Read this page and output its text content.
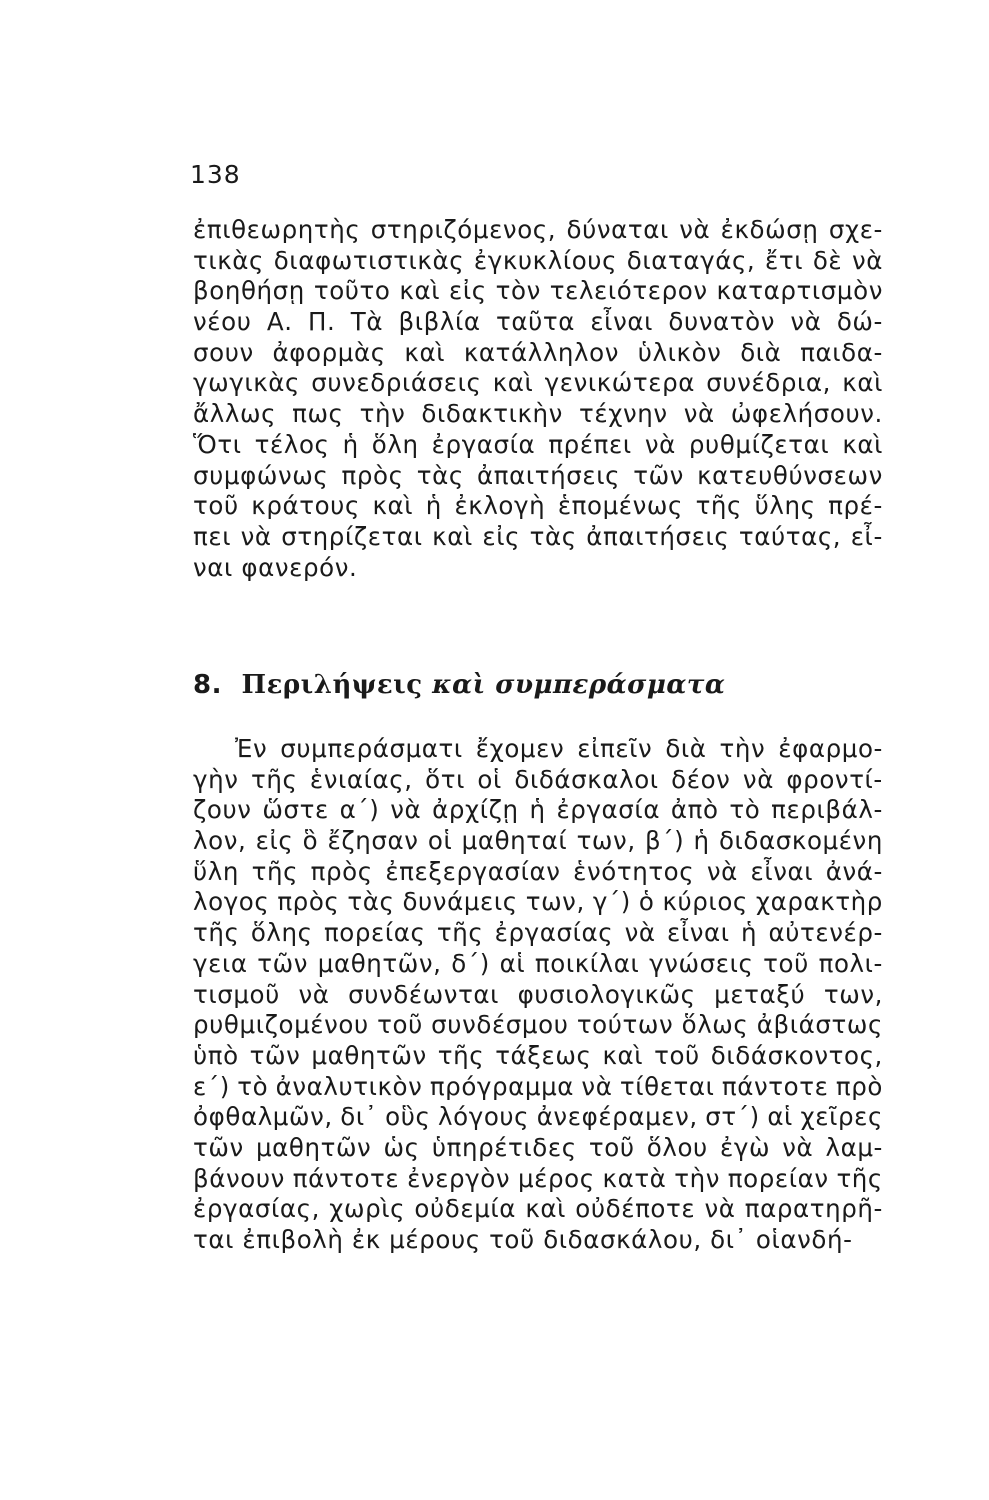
138
ἐπιθεωρητὴς στηριζόμενος, δύναται νὰ ἐκδώσῃ σχε-
τικὰς διαφωτιστικὰς ἐγκυκλίους διαταγάς, ἔτι δὲ νὰ
βοηθήσῃ τοῦτο καὶ εἰς τὸν τελειότερον καταρτισμὸν
νέου Α. Π. Τὰ βιβλία ταῦτα εἶναι δυνατὸν νὰ δώ-
σουν ἀφορμὰς καὶ κατάλληλον ὑλικὸν διὰ παιδα-
γωγικὰς συνεδριάσεις καὶ γενικώτερα συνέδρια, καὶ
ἄλλως πως τὴν διδακτικὴν τέχνην νὰ ὠφελήσουν.
Ὅτι τέλος ἡ ὅλη ἐργασία πρέπει νὰ ρυθμίζεται καὶ
συμφώνως πρὸς τὰς ἀπαιτήσεις τῶν κατευθύνσεων
τοῦ κράτους καὶ ἡ ἐκλογὴ ἑπομένως τῆς ὕλης πρέ-
πει νὰ στηρίζεται καὶ εἰς τὰς ἀπαιτήσεις ταύτας, εἶ-
ναι φανερόν.
8. Περιλήψεις καὶ συμπεράσματα
Ἐν συμπεράσματι ἔχομεν εἰπεῖν διὰ τὴν ἐφαρμο-
γὴν τῆς ἑνιαίας, ὅτι οἱ διδάσκαλοι δέον νὰ φροντί-
ζουν ὥστε α΄) νὰ ἀρχίζῃ ἡ ἐργασία ἀπὸ τὸ περιβάλ-
λον, εἰς ὃ ἔζησαν οἱ μαθηταί των, β΄) ἡ διδασκομένη
ὕλη τῆς πρὸς ἐπεξεργασίαν ἑνότητος νὰ εἶναι ἀνά-
λογος πρὸς τὰς δυνάμεις των, γ΄) ὁ κύριος χαρακτὴρ
τῆς ὅλης πορείας τῆς ἐργασίας νὰ εἶναι ἡ αὐτενέρ-
γεια τῶν μαθητῶν, δ΄) αἱ ποικίλαι γνώσεις τοῦ πολι-
τισμοῦ νὰ συνδέωνται φυσιολογικῶς μεταξύ των,
ρυθμιζομένου τοῦ συνδέσμου τούτων ὅλως ἀβιάστως
ὑπὸ τῶν μαθητῶν τῆς τάξεως καὶ τοῦ διδάσκοντος,
ε΄) τὸ ἀναλυτικὸν πρόγραμμα νὰ τίθεται πάντοτε πρὸ
ὀφθαλμῶν, δι᾿ οὓς λόγους ἀνεφέραμεν, στ΄) αἱ χεῖρες
τῶν μαθητῶν ὡς ὑπηρέτιδες τοῦ ὅλου ἐγὼ νὰ λαμ-
βάνουν πάντοτε ἐνεργὸν μέρος κατὰ τὴν πορείαν τῆς
ἐργασίας, χωρὶς οὐδεμία καὶ οὐδέποτε νὰ παρατηρῆ-
ται ἐπιβολὴ ἐκ μέρους τοῦ διδασκάλου, δι᾿ οἱανδή-
